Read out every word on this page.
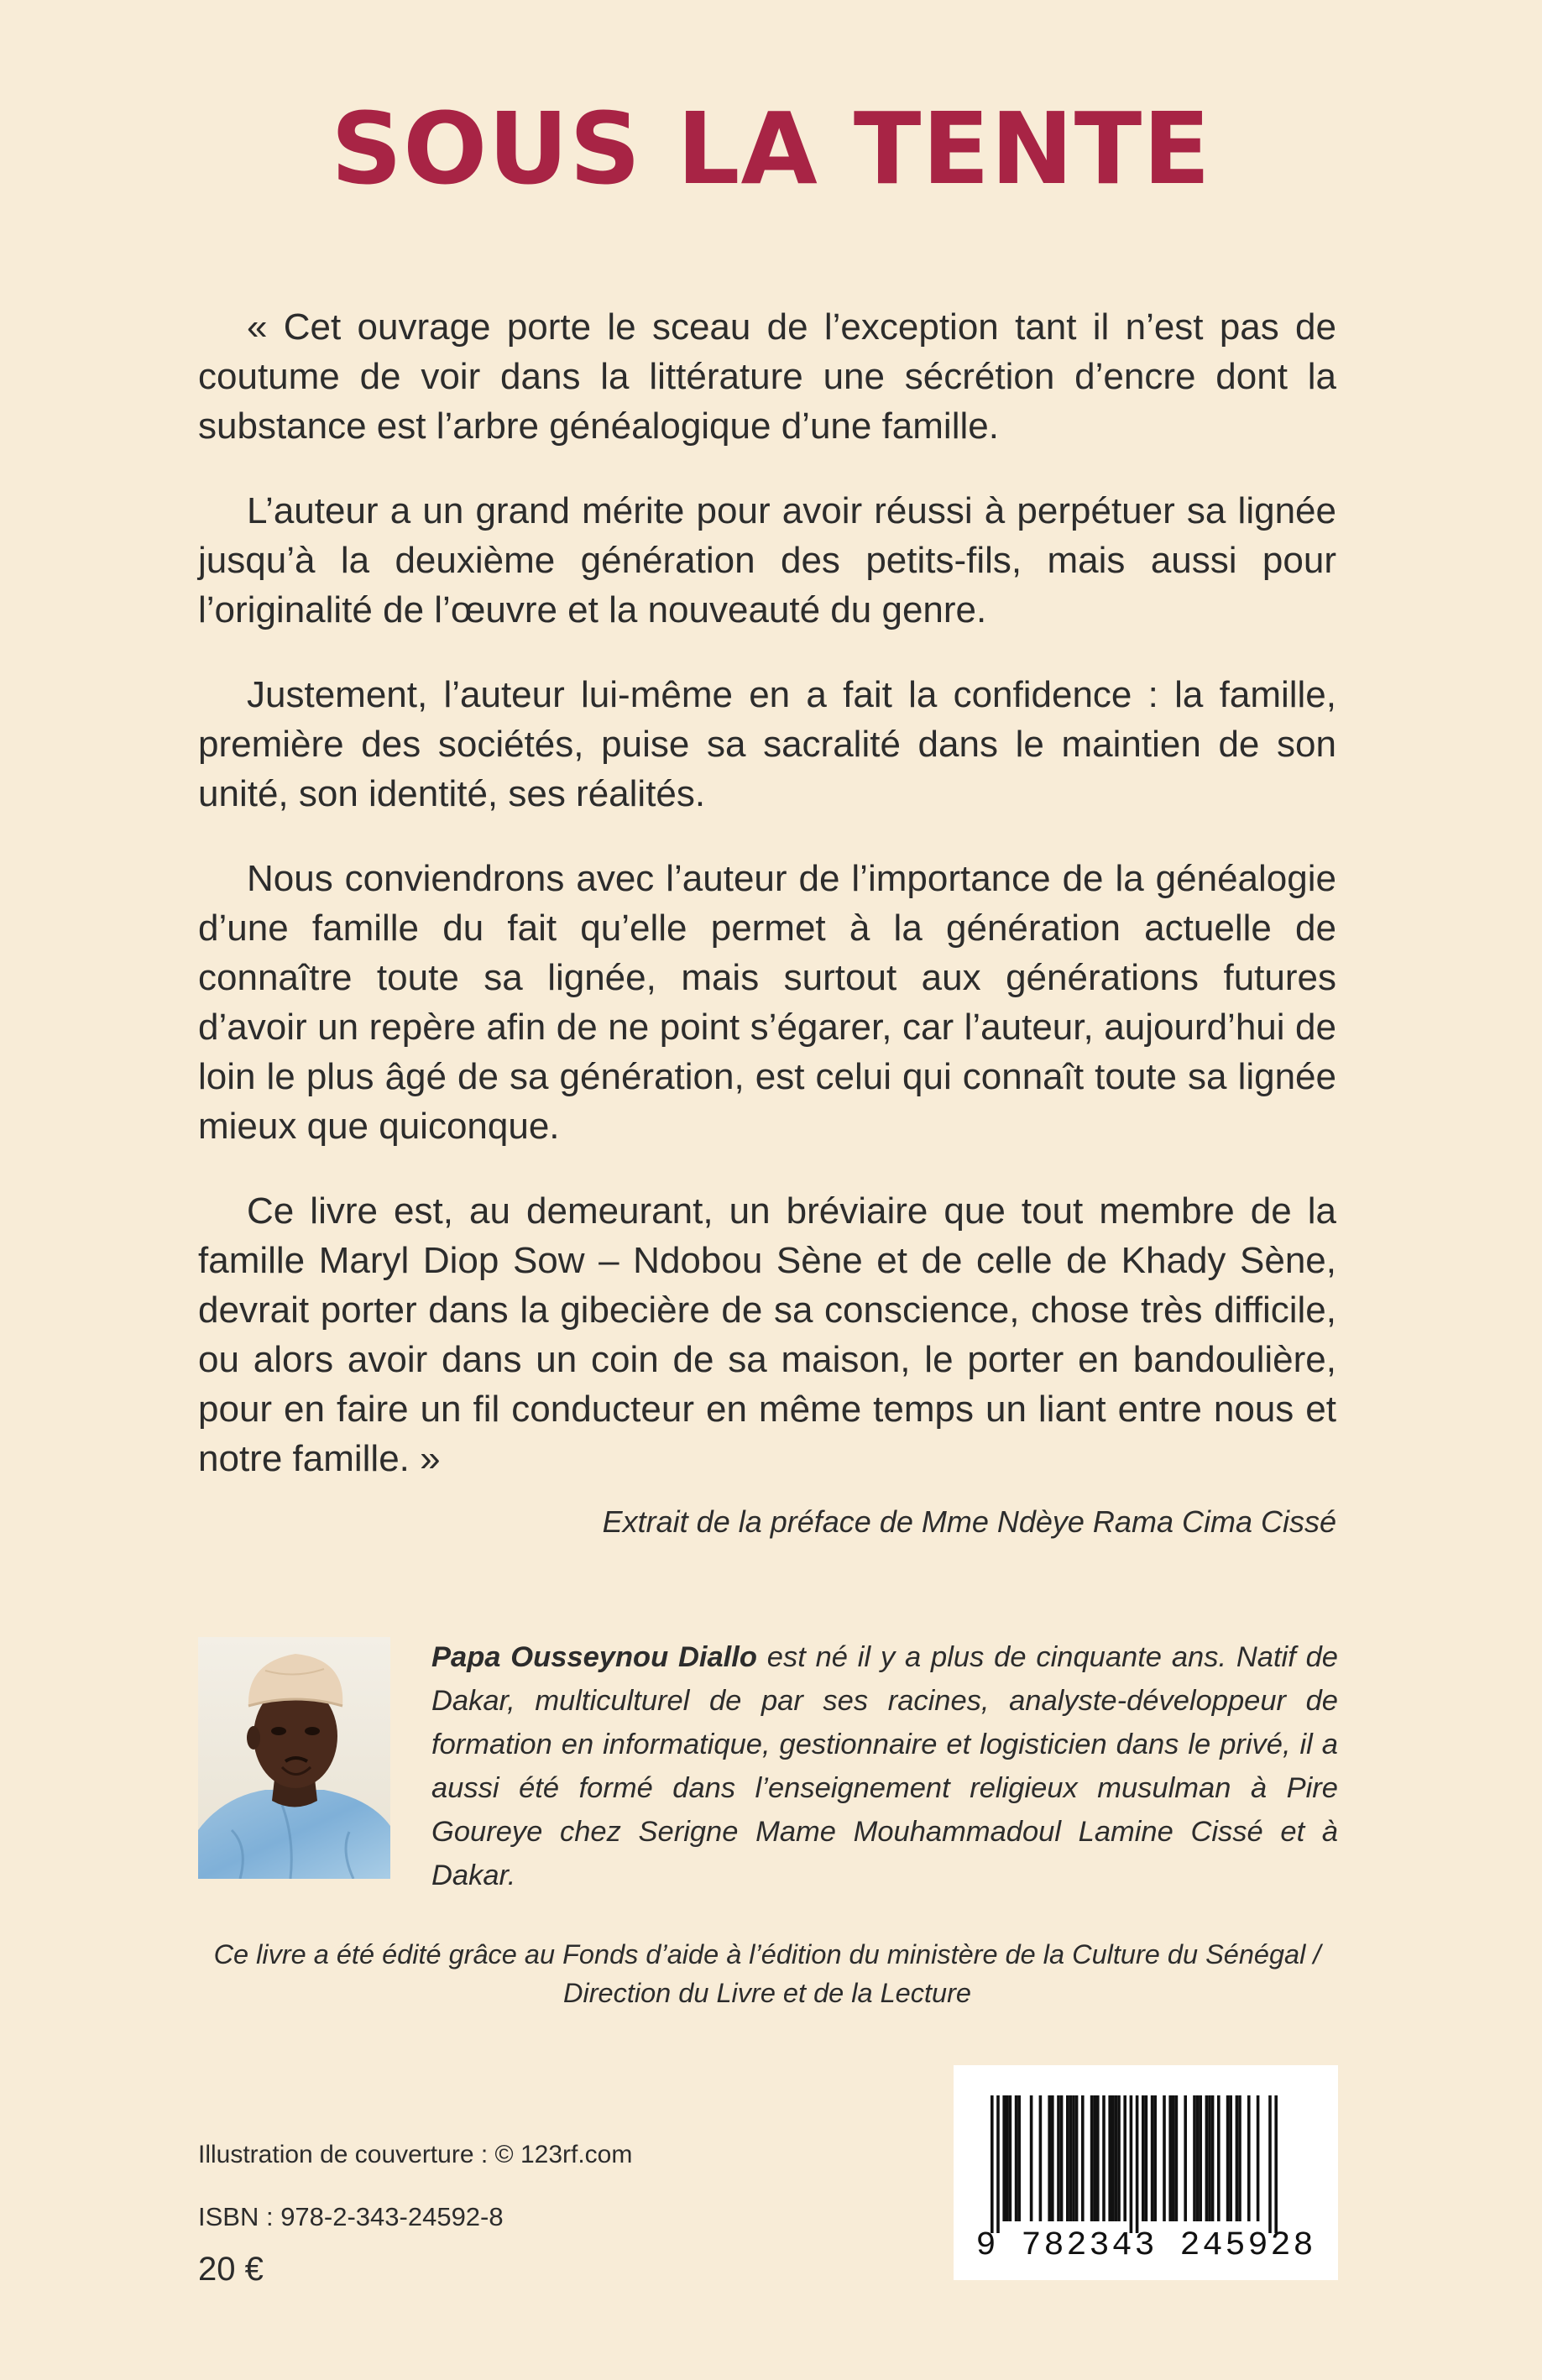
SOUS LA TENTE

« Cet ouvrage porte le sceau de l’exception tant il n’est pas de coutume de voir dans la littérature une sécrétion d’encre dont la substance est l’arbre généalogique d’une famille.

L’auteur a un grand mérite pour avoir réussi à perpétuer sa lignée jusqu’à la deuxième génération des petits-fils, mais aussi pour l’originalité de l’œuvre et la nouveauté du genre.

Justement, l’auteur lui-même en a fait la confidence : la famille, première des sociétés, puise sa sacralité dans le maintien de son unité, son identité, ses réalités.

Nous conviendrons avec l’auteur de l’importance de la généalogie d’une famille du fait qu’elle permet à la génération actuelle de connaître toute sa lignée, mais surtout aux générations futures d’avoir un repère afin de ne point s’égarer, car l’auteur, aujourd’hui de loin le plus âgé de sa génération, est celui qui connaît toute sa lignée mieux que quiconque.

Ce livre est, au demeurant, un bréviaire que tout membre de la famille Maryl Diop Sow – Ndobou Sène et de celle de Khady Sène, devrait porter dans la gibecière de sa conscience, chose très difficile, ou alors avoir dans un coin de sa maison, le porter en bandoulière, pour en faire un fil conducteur en même temps un liant entre nous et notre famille. »

Extrait de la préface de Mme Ndèye Rama Cima Cissé
Papa Ousseynou Diallo est né il y a plus de cinquante ans. Natif de Dakar, multiculturel de par ses racines, analyste-développeur de formation en informatique, gestionnaire et logisticien dans le privé, il a aussi été formé dans l’enseignement religieux musulman à Pire Goureye chez Serigne Mame Mouhammadoul Lamine Cissé et à Dakar.
Ce livre a été édité grâce au Fonds d’aide à l’édition du ministère de la Culture du Sénégal / Direction du Livre et de la Lecture
Illustration de couverture : © 123rf.com
ISBN : 978-2-343-24592-8
20 €
9 782343 245928
